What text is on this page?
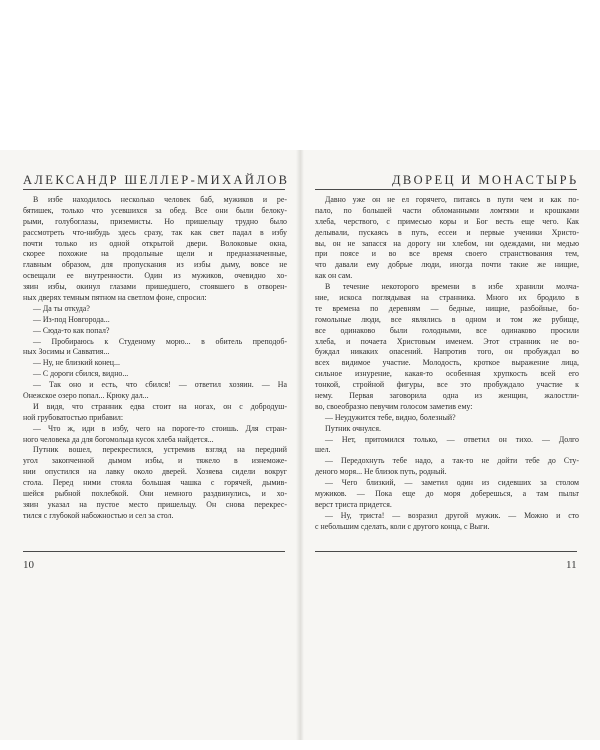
АЛЕКСАНДР ШЕЛЛЕР-МИХАЙЛОВ	ДВОРЕЦ И МОНАСТЫРЬ
В избе находилось несколько человек баб, мужиков и ре-
бятишек, только что усевшихся за обед. Все они были белоку-
рыми, голубоглазы, приземисты. Но пришельцу трудно было
рассмотреть что-нибудь здесь сразу, так как свет падал в избу
почти только из одной открытой двери. Волоковые окна,
скорее похожие на продольные щели и предназначенные,
главным образом, для пропускания из избы дыму, вовсе не
освещали ее внутренности. Один из мужиков, очевидно хо-
зяин избы, окинул глазами пришедшего, стоявшего в отворен-
ных дверях темным пятном на светлом фоне, спросил:
— Да ты откуда?
— Из-под Новгорода...
— Сюда-то как попал?
— Пробираюсь к Студеному морю... в обитель преподоб-
ных Зосимы и Савватия...
— Ну, не близкий конец...
— С дороги сбился, видно...
— Так оно и есть, что сбился! — ответил хозяин. — На
Онежское озеро попал... Крюку дал...
И видя, что странник едва стоит на ногах, он с добродуш-
ной грубоватостью прибавил:
— Что ж, иди в избу, чего на пороге-то стоишь. Для стран-
ного человека да для богомольца кусок хлеба найдется...
Путник вошел, перекрестился, устремив взгляд на передний
угол закопченной дымом избы, и тяжело в изнеможе-
нии опустился на лавку около дверей. Хозяева сидели вокруг
стола. Перед ними стояла большая чашка с горячей, дымив-
шейся рыбной похлебкой. Они немного раздвинулись, и хо-
зяин указал на пустое место пришельцу. Он снова перекрес-
тился с глубокой набожностью и сел за стол.
Давно уже он не ел горячего, питаясь в пути чем и как по-
пало, по большей части обломанными ломтями и крошками
хлеба, черствого, с примесью коры и Бог весть еще чего. Как
делывали, пускаясь в путь, ессеи и первые ученики Христо-
вы, он не запасся на дорогу ни хлебом, ни одеждами, ни медью
при поясе и во все время своего странствования тем,
что давали ему добрые люди, иногда почти такие же нищие,
как он сам.
В течение некоторого времени в избе хранили молча-
ние, искоса поглядывая на странника. Много их бродило в
те времена по деревням — бедные, нищие, разбойные, бо-
гомольные люди, все являлись в одном и том же рубище,
все одинаково были голодными, все одинаково просили
хлеба, и почаета Христовым именем. Этот странник не во-
буждал никаких опасений. Напротив того, он пробуждал во
всех видимое участие. Молодость, кроткое выражение лица,
сильное изнурение, какая-то особенная хрупкость всей его
тонкой, стройной фигуры, все это пробуждало участие к
нему. Первая заговорила одна из женщин, жалостли-
во, своеобразно певучим голосом заметив ему:
— Неудужится тебе, видно, болезный?
Путник очнулся.
— Нет, притомился только, — ответил он тихо. — Долго
шел.
— Передохнуть тебе надо, а так-то не дойти тебе до Сту-
деного моря... Не близок путь, родный.
— Чего близкий, — заметил один из сидевших за столом
мужиков. — Пока еще до моря доберешься, а там пыльт
верст триста придется.
— Ну, триста! — возразил другой мужик. — Можно и сто
с небольшим сделать, коли с другого конца, с Выги.
10	11
